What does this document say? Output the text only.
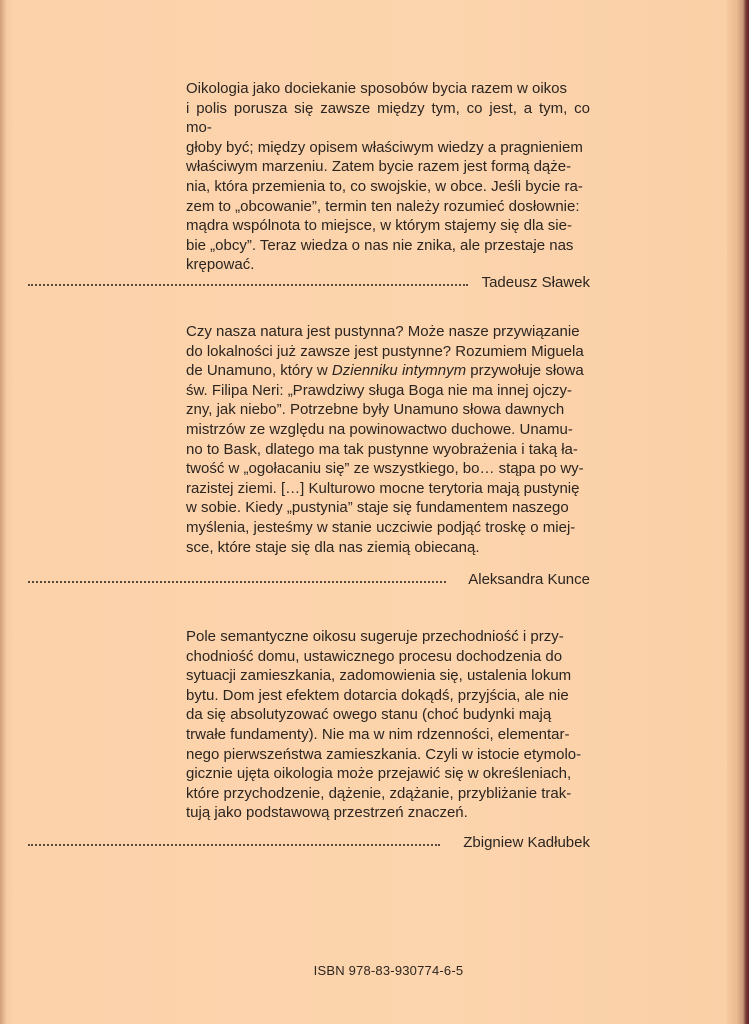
Oikologia jako dociekanie sposobów bycia razem w oikos

i polis porusza się zawsze między tym, co jest, a tym, co mo-

głoby być; między opisem właściwym wiedzy a pragnieniem

właściwym marzeniu. Zatem bycie razem jest formą dąże-

nia, która przemienia to, co swojskie, w obce. Jeśli bycie ra-

zem to „obcowanie”, termin ten należy rozumieć dosłownie:

mądra wspólnota to miejsce, w którym stajemy się dla sie-

bie „obcy”. Teraz wiedza o nas nie znika, ale przestaje nas

krępować.

Tadeusz Sławek

Czy nasza natura jest pustynna? Może nasze przywiązanie

do lokalności już zawsze jest pustynne? Rozumiem Miguela

de Unamuno, który w Dzienniku intymnym przywołuje słowa

św. Filipa Neri: „Prawdziwy sługa Boga nie ma innej ojczy-

zny, jak niebo”. Potrzebne były Unamuno słowa dawnych

mistrzów ze względu na powinowactwo duchowe. Unamu-

no to Bask, dlatego ma tak pustynne wyobrażenia i taką ła-

twość w „ogołacaniu się” ze wszystkiego, bo… stąpa po wy-

razistej ziemi. […] Kulturowo mocne terytoria mają pustynię

w sobie. Kiedy „pustynia” staje się fundamentem naszego

myślenia, jesteśmy w stanie uczciwie podjąć troskę o miej-

sce, które staje się dla nas ziemią obiecaną.

Aleksandra Kunce

Pole semantyczne oikosu sugeruje przechodniość i przy-

chodniość domu, ustawicznego procesu dochodzenia do

sytuacji zamieszkania, zadomowienia się, ustalenia lokum

bytu. Dom jest efektem dotarcia dokądś, przyjścia, ale nie

da się absolutyzować owego stanu (choć budynki mają

trwałe fundamenty). Nie ma w nim rdzenności, elementar-

nego pierwszeństwa zamieszkania. Czyli w istocie etymolo-

gicznie ujęta oikologia może przejawić się w określeniach,

które przychodzenie, dążenie, zdążanie, przybliżanie trak-

tują jako podstawową przestrzeń znaczeń.

Zbigniew Kadłubek
ISBN 978-83-930774-6-5
